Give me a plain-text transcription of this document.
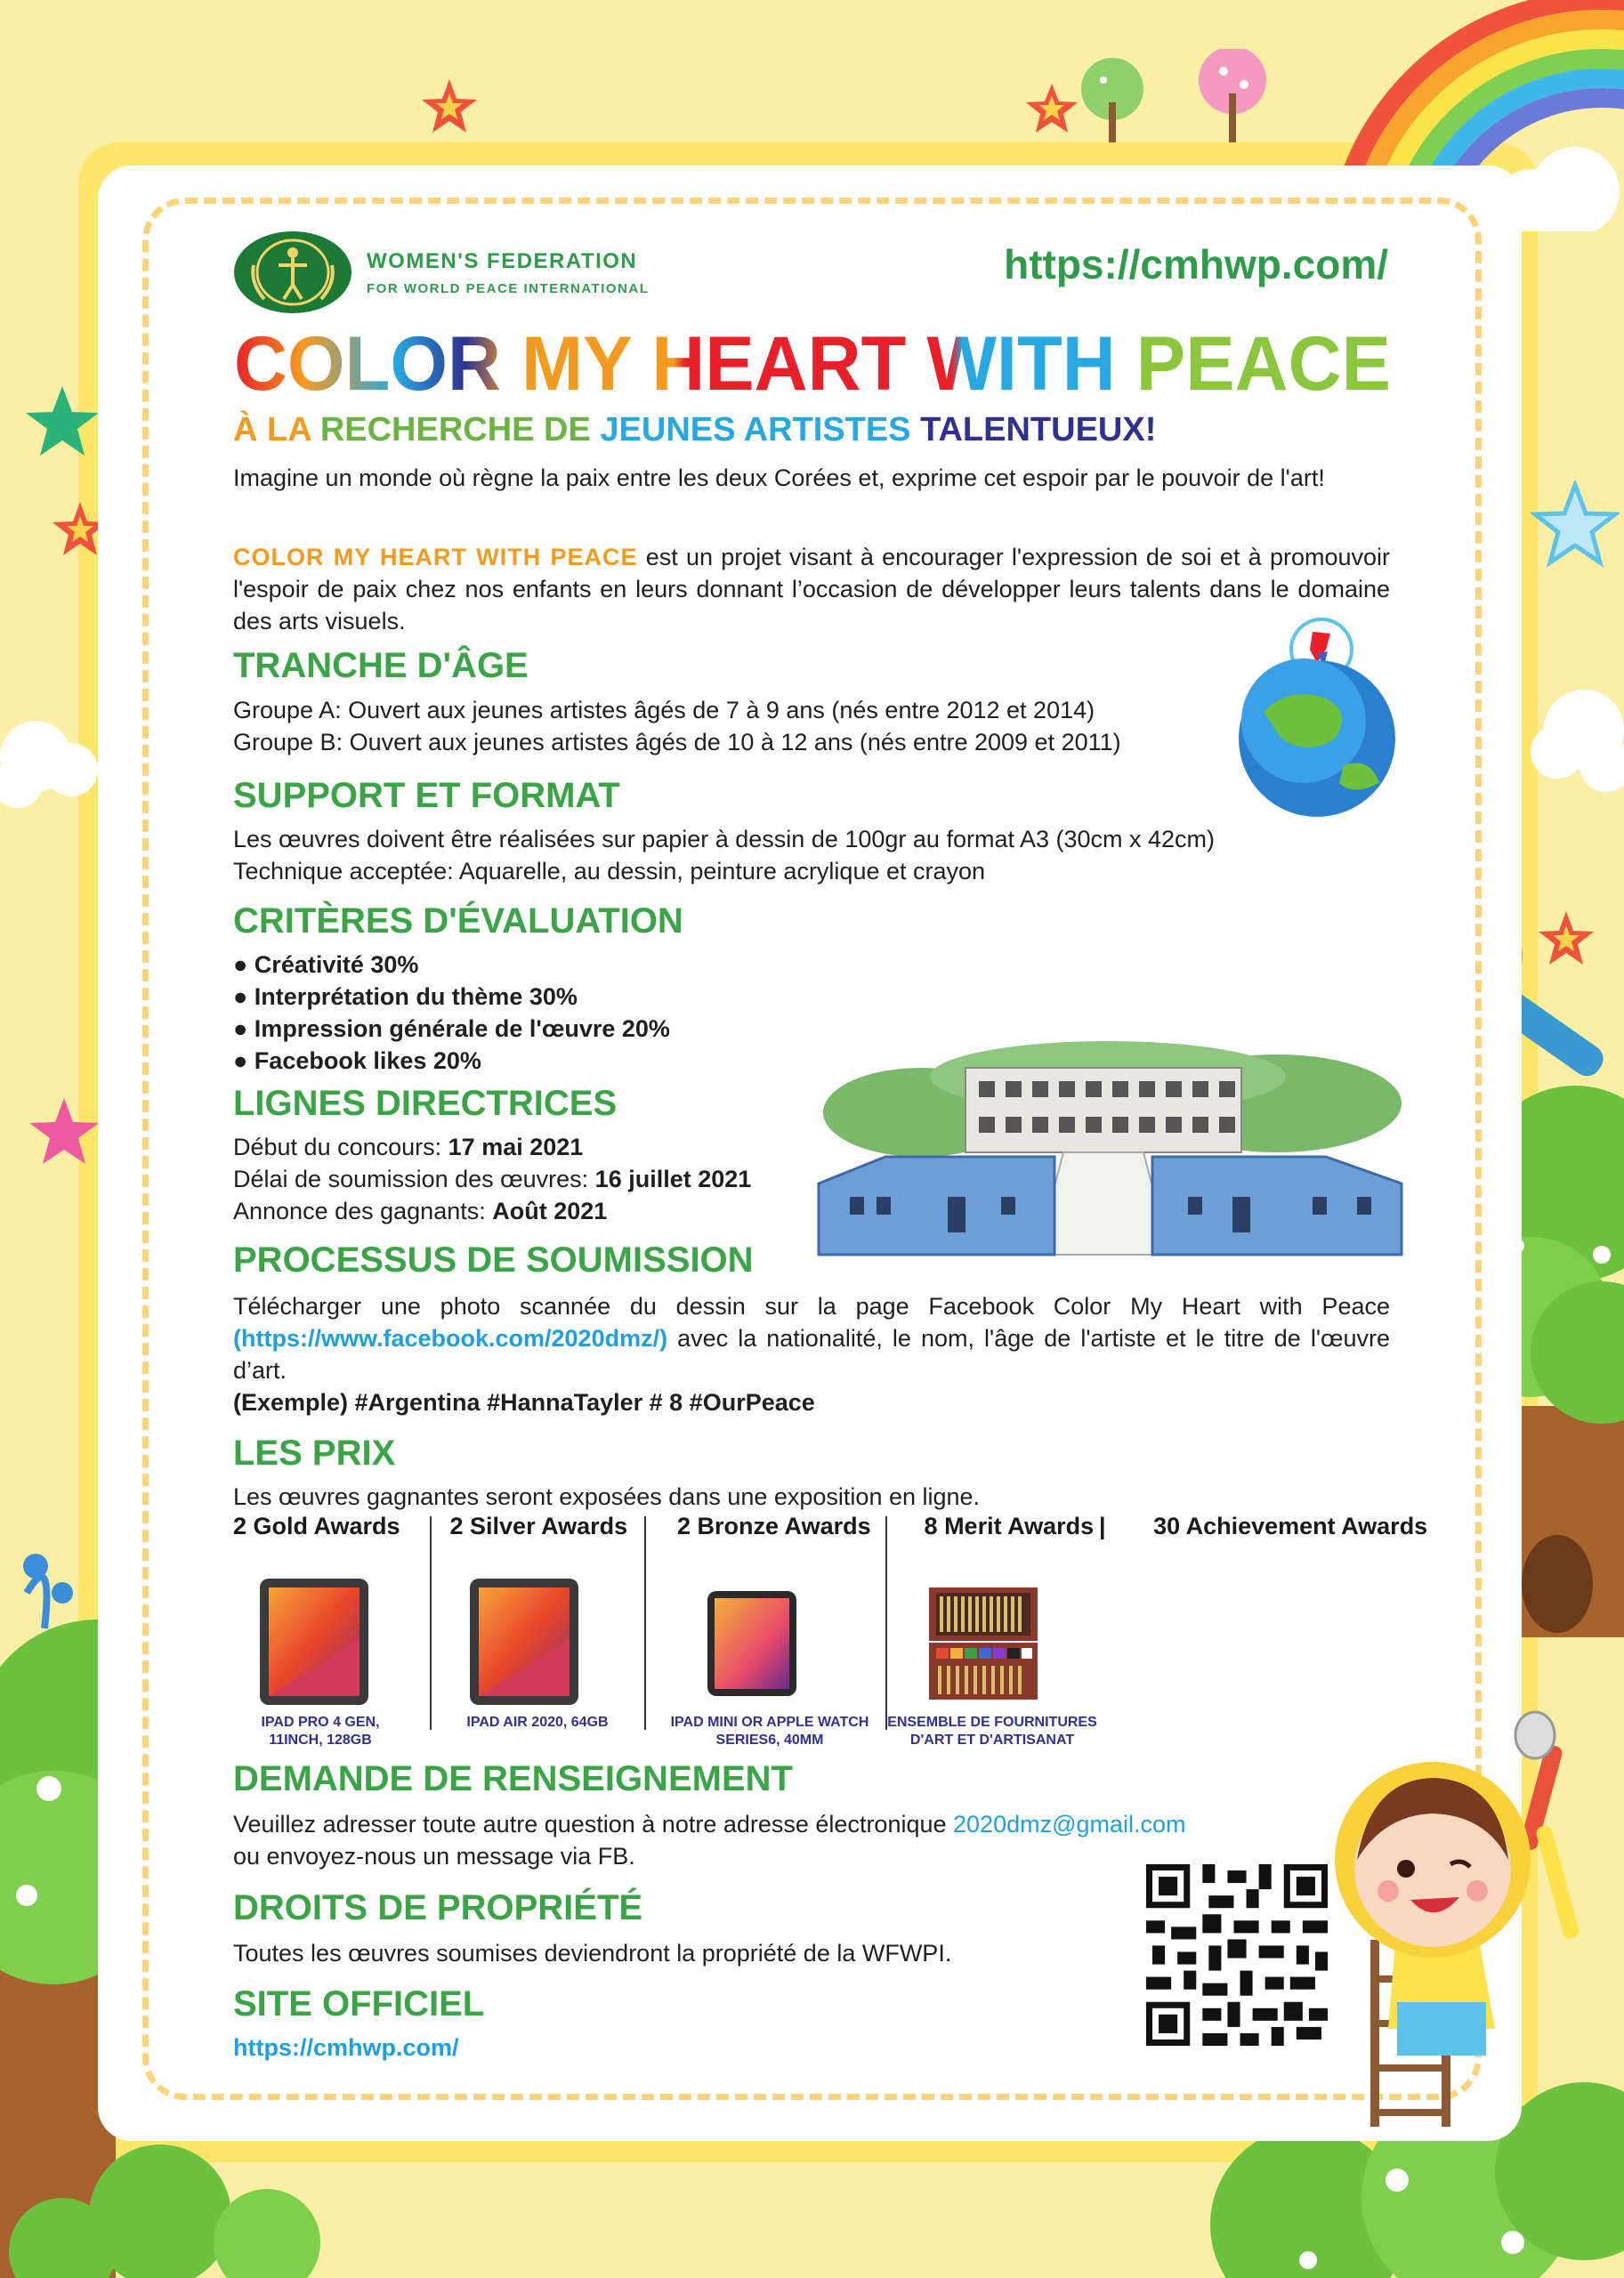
WOMEN'S FEDERATION
FOR WORLD PEACE INTERNATIONAL
https://cmhwp.com/
COLOR MY HEART WITH PEACE
À LA RECHERCHE DE JEUNES ARTISTES TALENTUEUX!
Imagine un monde où règne la paix entre les deux Corées et, exprime cet espoir par le pouvoir de l'art!
COLOR MY HEART WITH PEACE est un projet visant à encourager l'expression de soi et à promouvoir l'espoir de paix chez nos enfants en leurs donnant l’occasion de développer leurs talents dans le domaine des arts visuels.
TRANCHE D'ÂGE
Groupe A: Ouvert aux jeunes artistes âgés de 7 à 9 ans (nés entre 2012 et 2014)
Groupe B: Ouvert aux jeunes artistes âgés de 10 à 12 ans (nés entre 2009 et 2011)
SUPPORT ET FORMAT
Les œuvres doivent être réalisées sur papier à dessin de 100gr au format A3 (30cm x 42cm)
Technique acceptée: Aquarelle, au dessin, peinture acrylique et crayon
CRITÈRES D'ÉVALUATION
● Créativité 30%
● Interprétation du thème 30%
● Impression générale de l'œuvre 20%
● Facebook likes 20%
LIGNES DIRECTRICES
Début du concours: 17 mai 2021
Délai de soumission des œuvres: 16 juillet 2021
Annonce des gagnants: Août 2021
PROCESSUS DE SOUMISSION
Télécharger une photo scannée du dessin sur la page Facebook Color My Heart with Peace (https://www.facebook.com/2020dmz/) avec la nationalité, le nom, l'âge de l'artiste et le titre de l'œuvre d’art.
(Exemple) #Argentina #HannaTayler # 8 #OurPeace
LES PRIX
Les œuvres gagnantes seront exposées dans une exposition en ligne.
2 Gold Awards 2 Silver Awards 2 Bronze Awards 8 Merit Awards 30 Achievement Awards
|
IPAD PRO 4 GEN, 11INCH, 128GB
IPAD AIR 2020, 64GB	IPAD MINI OR APPLE WATCH SERIES6, 40MM
ENSEMBLE DE FOURNITURES D'ART ET D'ARTISANAT
DEMANDE DE RENSEIGNEMENT
Veuillez adresser toute autre question à notre adresse électronique 2020dmz@gmail.com
ou envoyez-nous un message via FB.
DROITS DE PROPRIÉTÉ
Toutes les œuvres soumises deviendront la propriété de la WFWPI.
SITE OFFICIEL
https://cmhwp.com/
